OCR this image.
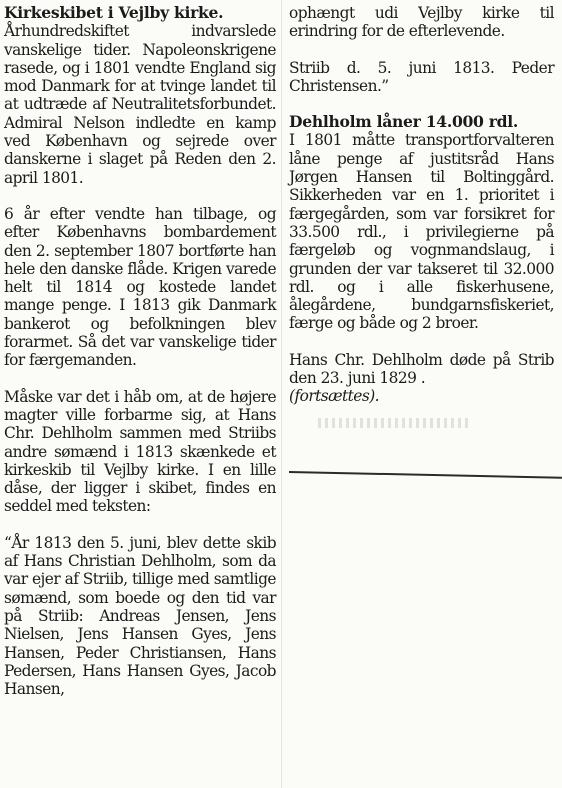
Kirkeskibet i Vejlby kirke.
Århundredskiftet indvarslede vanskelige tider. Napoleonskrigene rasede, og i 1801 vendte England sig mod Danmark for at tvinge landet til at udtræde af Neutralitetsforbundet. Admiral Nelson indledte en kamp ved København og sejrede over danskerne i slaget på Reden den 2. april 1801.

6 år efter vendte han tilbage, og efter Københavns bombardement den 2. september 1807 bortførte han hele den danske flåde. Krigen varede helt til 1814 og kostede landet mange penge. I 1813 gik Danmark bankerot og befolkningen blev forarmet. Så det var vanskelige tider for færgemanden.

Måske var det i håb om, at de højere magter ville forbarme sig, at Hans Chr. Dehlholm sammen med Striibs andre sømænd i 1813 skænkede et kirkeskib til Vejlby kirke. I en lille dåse, der ligger i skibet, findes en seddel med teksten:

“År 1813 den 5. juni, blev dette skib af Hans Christian Dehlholm, som da var ejer af Striib, tillige med samtlige sømænd, som boede og den tid var på Striib: Andreas Jensen, Jens Nielsen, Jens Hansen Gyes, Jens Hansen, Peder Christiansen, Hans Pedersen, Hans Hansen Gyes, Jacob Hansen,

ophængt udi Vejlby kirke til erindring for de efterlevende.

Striib d. 5. juni 1813. Peder Christensen.”

Dehlholm låner 14.000 rdl.
I 1801 måtte transportforvalteren låne penge af justitsråd Hans Jørgen Hansen til Boltinggård. Sikkerheden var en 1. prioritet i færgegården, som var forsikret for 33.500 rdl., i privilegierne på færgeløb og vognmandslaug, i grunden der var takseret til 32.000 rdl. og i alle fiskerhusene, ålegårdene, bundgarnsfiskeriet, færge og både og 2 broer.

Hans Chr. Dehlholm døde på Strib den 23. juni 1829 .
(fortsættes).
